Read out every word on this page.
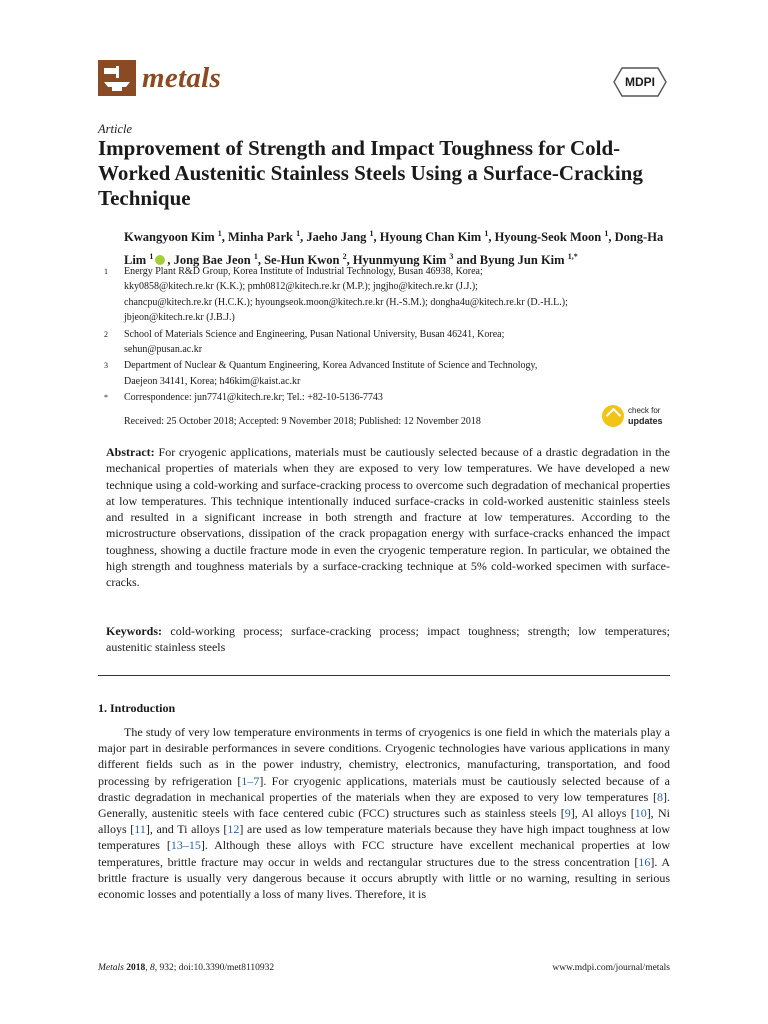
metals	MDPI
Article
Improvement of Strength and Impact Toughness for Cold-Worked Austenitic Stainless Steels Using a Surface-Cracking Technique
Kwangyoon Kim $^1$, Minha Park $^1$, Jaeho Jang $^1$, Hyoung Chan Kim $^1$, Hyoung-Seok Moon $^1$, Dong-Ha Lim $^1$ , Jong Bae Jeon $^1$, Se-Hun Kwon $^2$, Hyunmyung Kim $^3$ and Byung Jun Kim $^{1,*}$
1 Energy Plant R&D Group, Korea Institute of Industrial Technology, Busan 46938, Korea;
kky0858@kitech.re.kr (K.K.); pmh0812@kitech.re.kr (M.P.); jngjho@kitech.re.kr (J.J.);
chancpu@kitech.re.kr (H.C.K.); hyoungseok.moon@kitech.re.kr (H.-S.M.); dongha4u@kitech.re.kr (D.-H.L.);
jbjeon@kitech.re.kr (J.B.J.)
2 School of Materials Science and Engineering, Pusan National University, Busan 46241, Korea;
sehun@pusan.ac.kr
3 Department of Nuclear & Quantum Engineering, Korea Advanced Institute of Science and Technology,
Daejeon 34141, Korea; h46kim@kaist.ac.kr
* Correspondence: jun7741@kitech.re.kr; Tel.: +82-10-5136-7743
Received: 25 October 2018; Accepted: 9 November 2018; Published: 12 November 2018
check for
updates
Abstract: For cryogenic applications, materials must be cautiously selected because of a drastic degradation in the mechanical properties of materials when they are exposed to very low temperatures. We have developed a new technique using a cold-working and surface-cracking process to overcome such degradation of mechanical properties at low temperatures. This technique intentionally induced surface-cracks in cold-worked austenitic stainless steels and resulted in a significant increase in both strength and fracture at low temperatures. According to the microstructure observations, dissipation of the crack propagation energy with surface-cracks enhanced the impact toughness, showing a ductile fracture mode in even the cryogenic temperature region. In particular, we obtained the high strength and toughness materials by a surface-cracking technique at 5% cold-worked specimen with surface-cracks.
Keywords: cold-working process; surface-cracking process; impact toughness; strength; low temperatures; austenitic stainless steels
1. Introduction
The study of very low temperature environments in terms of cryogenics is one field in which the materials play a major part in desirable performances in severe conditions. Cryogenic technologies have various applications in many different fields such as in the power industry, chemistry, electronics, manufacturing, transportation, and food processing by refrigeration [1–7]. For cryogenic applications, materials must be cautiously selected because of a drastic degradation in mechanical properties of the materials when they are exposed to very low temperatures [8]. Generally, austenitic steels with face centered cubic (FCC) structures such as stainless steels [9], Al alloys [10], Ni alloys [11], and Ti alloys [12] are used as low temperature materials because they have high impact toughness at low temperatures [13–15]. Although these alloys with FCC structure have excellent mechanical properties at low temperatures, brittle fracture may occur in welds and rectangular structures due to the stress concentration [16]. A brittle fracture is usually very dangerous because it occurs abruptly with little or no warning, resulting in serious economic losses and potentially a loss of many lives. Therefore, it is
Metals 2018, 8, 932; doi:10.3390/met8110932	www.mdpi.com/journal/metals
